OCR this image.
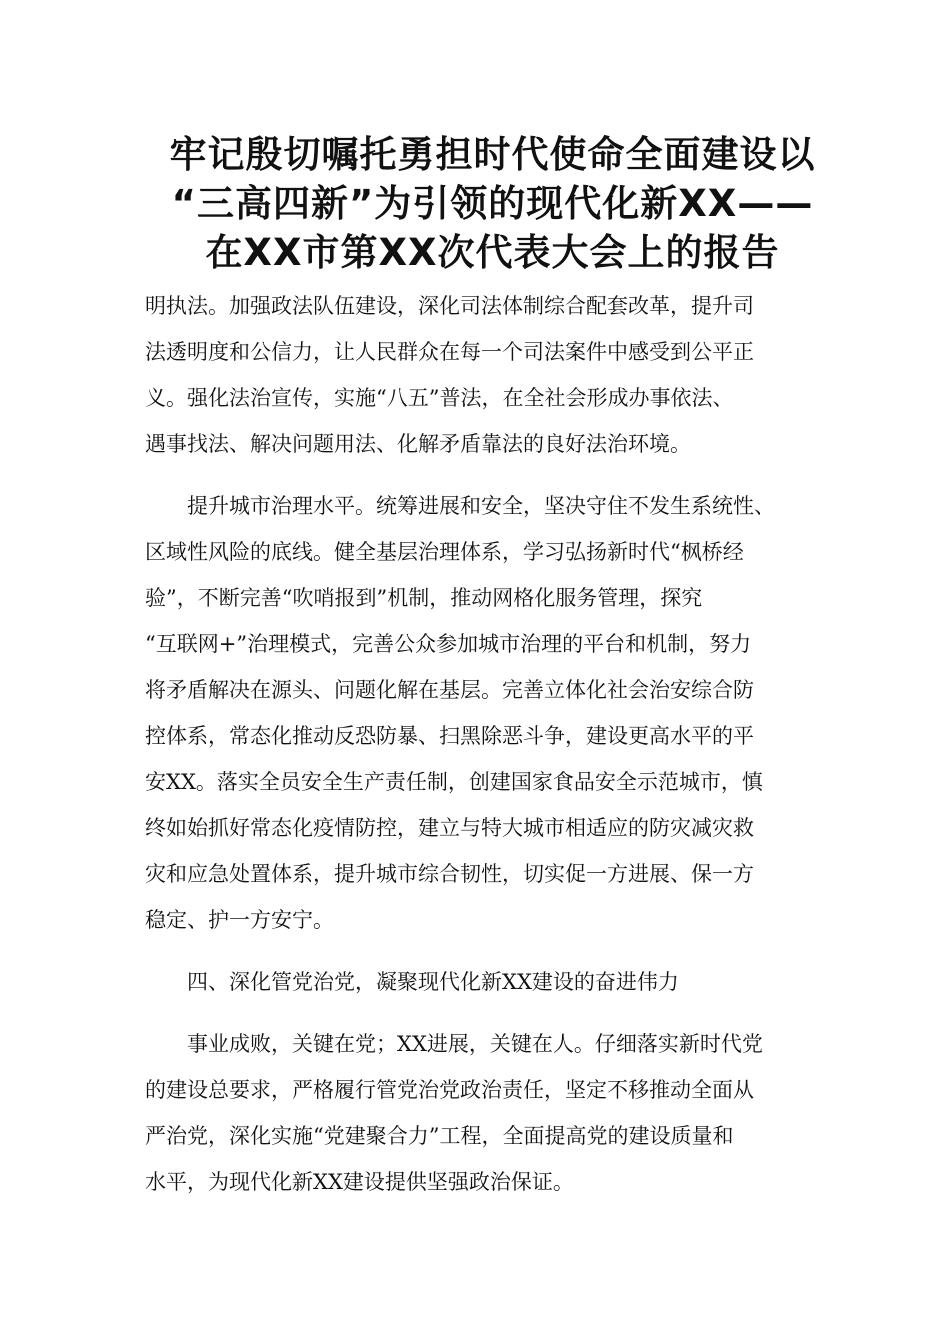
牢记殷切嘱托勇担时代使命全面建设以
“三高四新”为引领的现代化新XX——
在XX市第XX次代表大会上的报告

明执法。加强政法队伍建设，深化司法体制综合配套改革，提升司
法透明度和公信力，让人民群众在每一个司法案件中感受到公平正
义。强化法治宣传，实施“八五”普法，在全社会形成办事依法、
遇事找法、解决问题用法、化解矛盾靠法的良好法治环境。

提升城市治理水平。统筹进展和安全，坚决守住不发生系统性、
区域性风险的底线。健全基层治理体系，学习弘扬新时代“枫桥经
验”，不断完善“吹哨报到”机制，推动网格化服务管理，探究
“互联网+”治理模式，完善公众参加城市治理的平台和机制，努力
将矛盾解决在源头、问题化解在基层。完善立体化社会治安综合防
控体系，常态化推动反恐防暴、扫黑除恶斗争，建设更高水平的平
安XX。落实全员安全生产责任制，创建国家食品安全示范城市，慎
终如始抓好常态化疫情防控，建立与特大城市相适应的防灾减灾救
灾和应急处置体系，提升城市综合韧性，切实促一方进展、保一方
稳定、护一方安宁。

四、深化管党治党，凝聚现代化新XX建设的奋进伟力

事业成败，关键在党；XX进展，关键在人。仔细落实新时代党
的建设总要求，严格履行管党治党政治责任，坚定不移推动全面从
严治党，深化实施“党建聚合力”工程，全面提高党的建设质量和
水平，为现代化新XX建设提供坚强政治保证。
